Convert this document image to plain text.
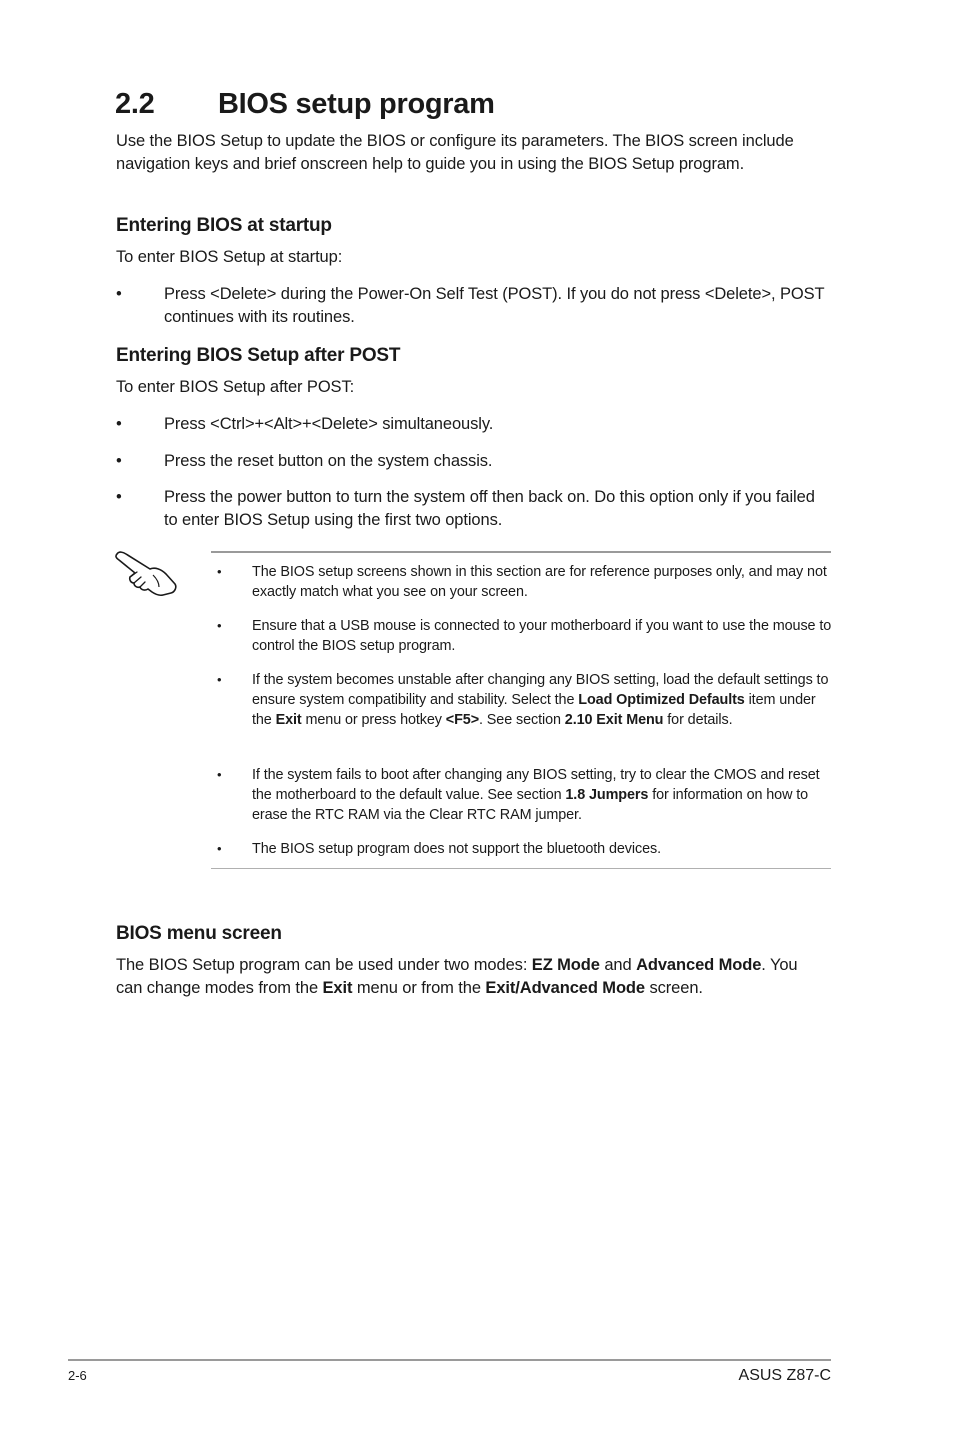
2.2 BIOS setup program

Use the BIOS Setup to update the BIOS or configure its parameters. The BIOS screen include navigation keys and brief onscreen help to guide you in using the BIOS Setup program.

Entering BIOS at startup

To enter BIOS Setup at startup:

•	Press <Delete> during the Power-On Self Test (POST). If you do not press <Delete>, POST continues with its routines.

Entering BIOS Setup after POST

To enter BIOS Setup after POST:

•	Press <Ctrl>+<Alt>+<Delete> simultaneously.

•	Press the reset button on the system chassis.

•	Press the power button to turn the system off then back on. Do this option only if you failed to enter BIOS Setup using the first two options.

• The BIOS setup screens shown in this section are for reference purposes only, and may not exactly match what you see on your screen.

• Ensure that a USB mouse is connected to your motherboard if you want to use the mouse to control the BIOS setup program.

• If the system becomes unstable after changing any BIOS setting, load the default settings to ensure system compatibility and stability. Select the Load Optimized Defaults item under the Exit menu or press hotkey <F5>. See section 2.10 Exit Menu for details.

• If the system fails to boot after changing any BIOS setting, try to clear the CMOS and reset the motherboard to the default value. See section 1.8 Jumpers for information on how to erase the RTC RAM via the Clear RTC RAM jumper.

• The BIOS setup program does not support the bluetooth devices.

BIOS menu screen

The BIOS Setup program can be used under two modes: EZ Mode and Advanced Mode. You can change modes from the Exit menu or from the Exit/Advanced Mode screen.

2-6	ASUS Z87-C
